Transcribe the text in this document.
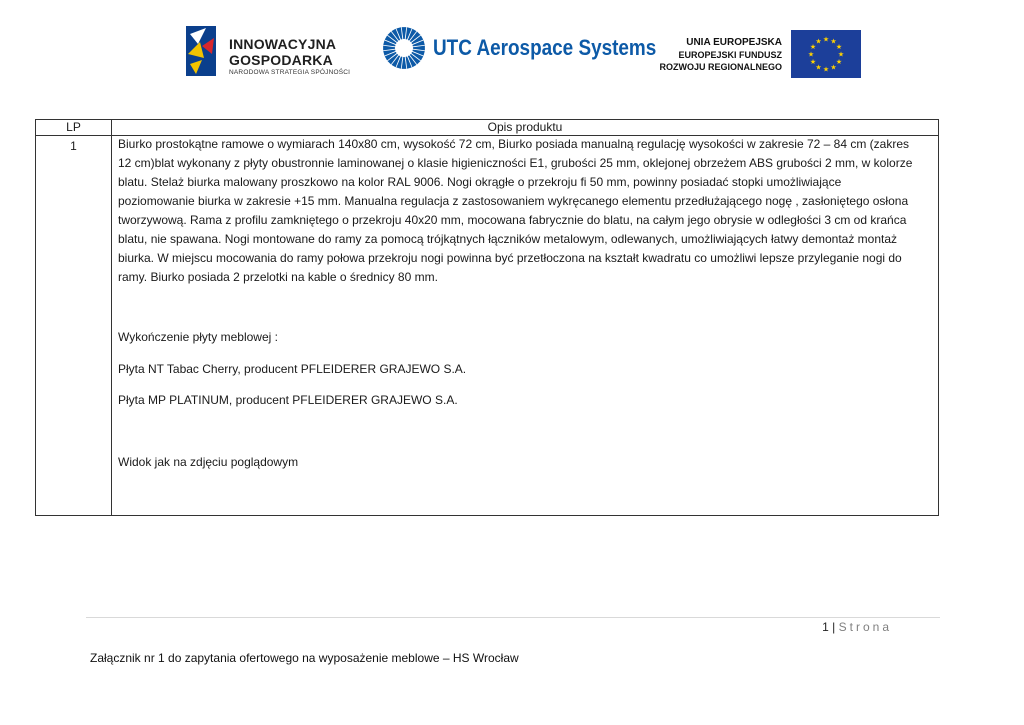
INNOWACYJNA
GOSPODARKA
NARODOWA STRATEGIA SPÓJNOŚCI
UTC Aerospace Systems	UNIA EUROPEJSKA
EUROPEJSKI FUNDUSZ
ROZWOJU REGIONALNEGO
★
★
★
★
★
★
★
★
★ ★ ★
★
LP	Opis produktu
1	Biurko prostokątne ramowe o wymiarach 140x80 cm, wysokość 72 cm, Biurko posiada manualną regulację wysokości w zakresie 72 – 84 cm (zakres

12 cm)blat wykonany z płyty obustronnie laminowanej o klasie higieniczności E1, grubości 25 mm, oklejonej obrzeżem ABS grubości 2 mm, w kolorze

blatu. Stelaż biurka malowany proszkowo na kolor RAL 9006. Nogi okrągłe o przekroju fi 50 mm, powinny posiadać stopki umożliwiające

poziomowanie biurka w zakresie +15 mm. Manualna regulacja z zastosowaniem wykręcanego elementu przedłużającego nogę , zasłoniętego osłona

tworzywową. Rama z profilu zamkniętego o przekroju 40x20 mm, mocowana fabrycznie do blatu, na całym jego obrysie w odległości 3 cm od krańca

blatu, nie spawana. Nogi montowane do ramy za pomocą trójkątnych łączników metalowym, odlewanych, umożliwiających łatwy demontaż montaż

biurka. W miejscu mocowania do ramy połowa przekroju nogi powinna być przetłoczona na kształt kwadratu co umożliwi lepsze przyleganie nogi do

ramy. Biurko posiada 2 przelotki na kable o średnicy 80 mm.

Wykończenie płyty meblowej :
Płyta NT Tabac Cherry, producent PFLEIDERER GRAJEWO S.A.
Płyta MP PLATINUM, producent PFLEIDERER GRAJEWO S.A.
Widok jak na zdjęciu poglądowym
1 | Strona
Załącznik nr 1 do zapytania ofertowego na wyposażenie meblowe – HS Wrocław
